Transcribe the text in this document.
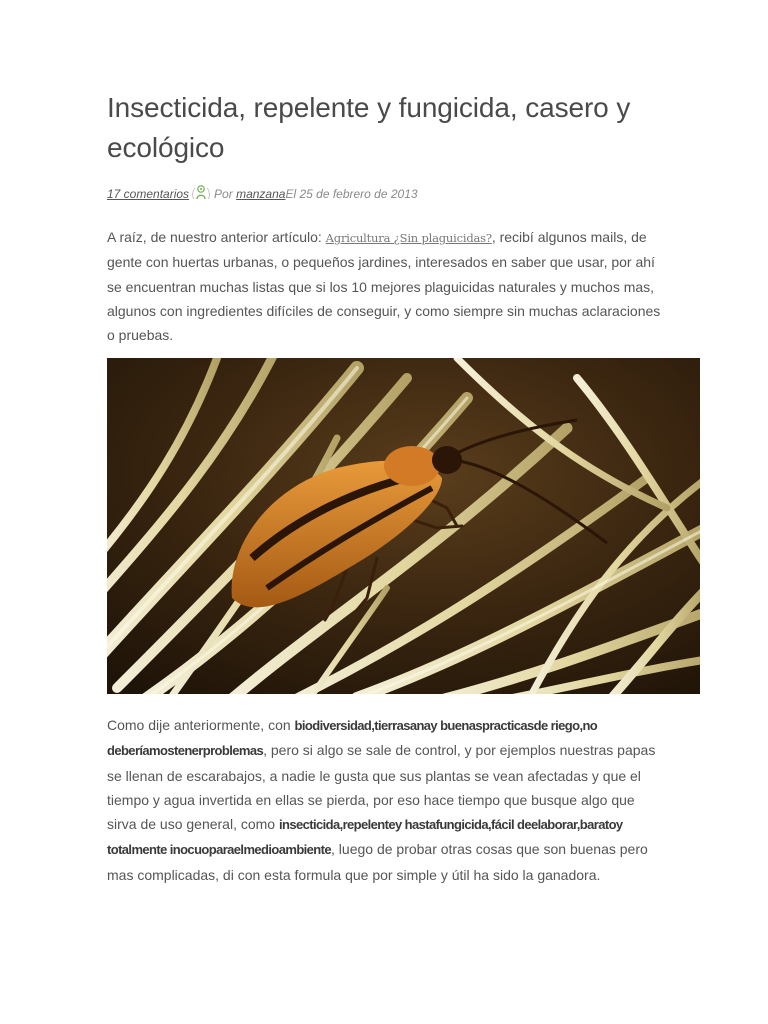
Insecticida, repelente y fungicida, casero y ecológico
17 comentarios Por
manzana El 25 de febrero de 2013

A raíz, de nuestro anterior artículo: Agricultura ¿Sin plaguicidas?, recibí algunos mails, de gente con huertas urbanas, o pequeños jardines, interesados en saber que usar, por ahí se encuentran muchas listas que si los 10 mejores plaguicidas naturales y muchos mas, algunos con ingredientes difíciles de conseguir, y como siempre sin muchas aclaraciones o pruebas.

Como dije anteriormente, con biodiversidad,tierrasanay buenaspracticasde riego,no deberíamostenerproblemas, pero si algo se sale de control, y por ejemplos nuestras papas se llenan de escarabajos, a nadie le gusta que sus plantas se vean afectadas y que el tiempo y agua invertida en ellas se pierda, por eso hace tiempo que busque algo que sirva de uso general, como insecticida,repelentey hastafungicida,fácil deelaborar,baratoy totalmente inocuoparaelmedioambiente, luego de probar otras cosas que son buenas pero mas complicadas, di con esta formula que por simple y útil ha sido la ganadora.
